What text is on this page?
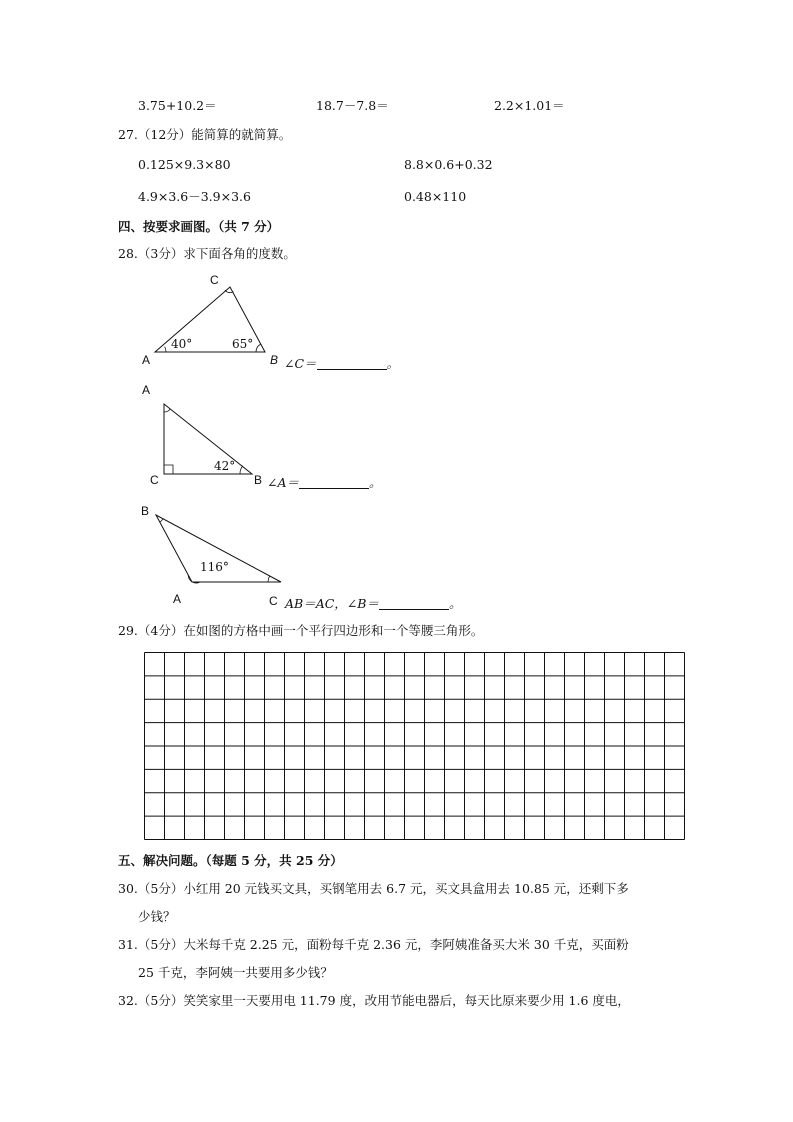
3.75+10.2＝	18.7－7.8＝	2.2×1.01＝
27.（12分）能简算的就简算。
0.125×9.3×80	8.8×0.6+0.32
4.9×3.6－3.9×3.6	0.48×110
四、按要求画图。（共 7 分）
28.（3分）求下面各角的度数。
A	B
C
40°	65°
∠C＝	。
A
B
C
42°
∠A＝	。
B
A	C
116°
AB＝AC，∠B＝	。
29.（4分）在如图的方格中画一个平行四边形和一个等腰三角形。
五、解决问题。（每题 5 分，共 25 分）
30.（5分）小红用 20 元钱买文具，买钢笔用去 6.7 元，买文具盒用去 10.85 元，还剩下多
少钱？
31.（5分）大米每千克 2.25 元，面粉每千克 2.36 元，李阿姨准备买大米 30 千克，买面粉
25 千克，李阿姨一共要用多少钱？
32.（5分）笑笑家里一天要用电 11.79 度，改用节能电器后，每天比原来要少用 1.6 度电，
